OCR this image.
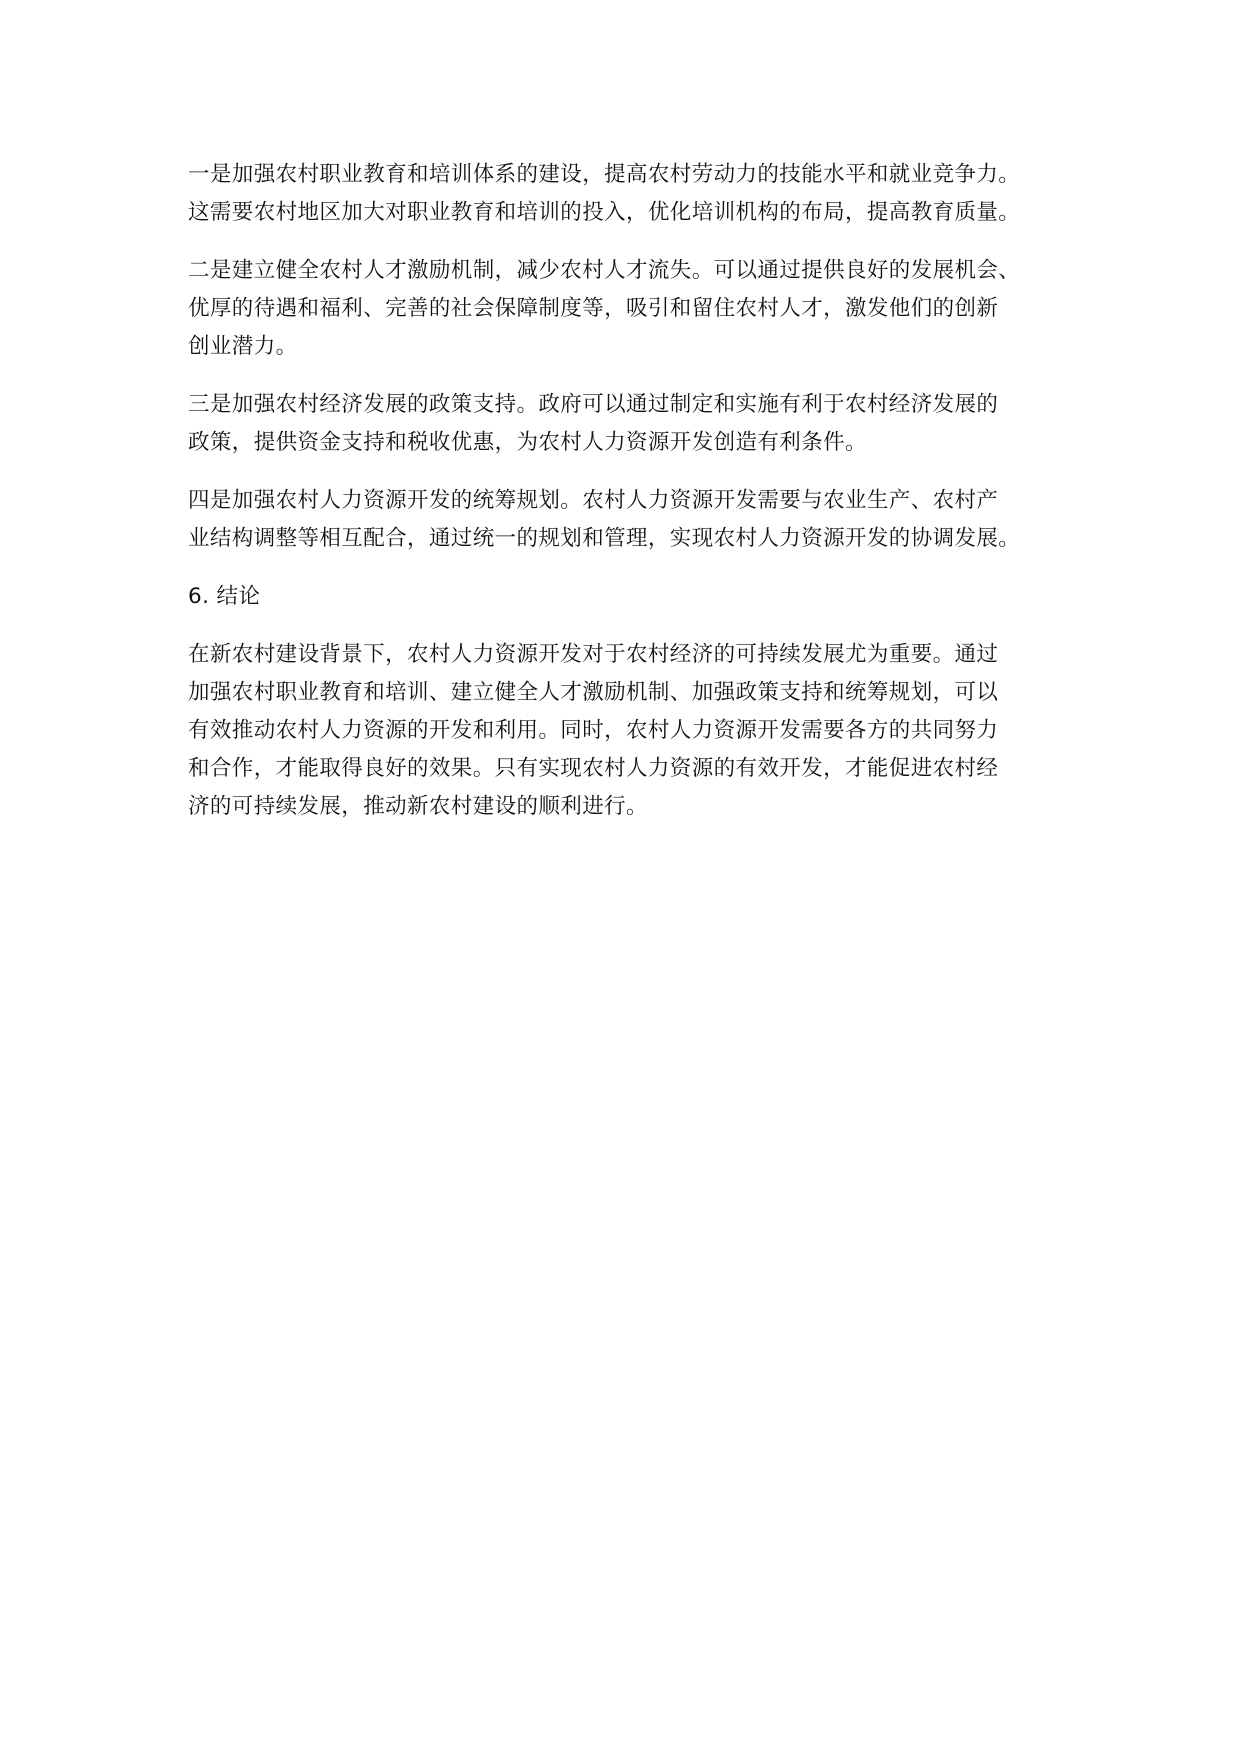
一是加强农村职业教育和培训体系的建设，提高农村劳动力的技能水平和就业竞争力。
这需要农村地区加大对职业教育和培训的投入，优化培训机构的布局，提高教育质量。

二是建立健全农村人才激励机制，减少农村人才流失。可以通过提供良好的发展机会、
优厚的待遇和福利、完善的社会保障制度等，吸引和留住农村人才，激发他们的创新
创业潜力。

三是加强农村经济发展的政策支持。政府可以通过制定和实施有利于农村经济发展的
政策，提供资金支持和税收优惠，为农村人力资源开发创造有利条件。

四是加强农村人力资源开发的统筹规划。农村人力资源开发需要与农业生产、农村产
业结构调整等相互配合，通过统一的规划和管理，实现农村人力资源开发的协调发展。

6. 结论

在新农村建设背景下，农村人力资源开发对于农村经济的可持续发展尤为重要。通过
加强农村职业教育和培训、建立健全人才激励机制、加强政策支持和统筹规划，可以
有效推动农村人力资源的开发和利用。同时，农村人力资源开发需要各方的共同努力
和合作，才能取得良好的效果。只有实现农村人力资源的有效开发，才能促进农村经
济的可持续发展，推动新农村建设的顺利进行。
